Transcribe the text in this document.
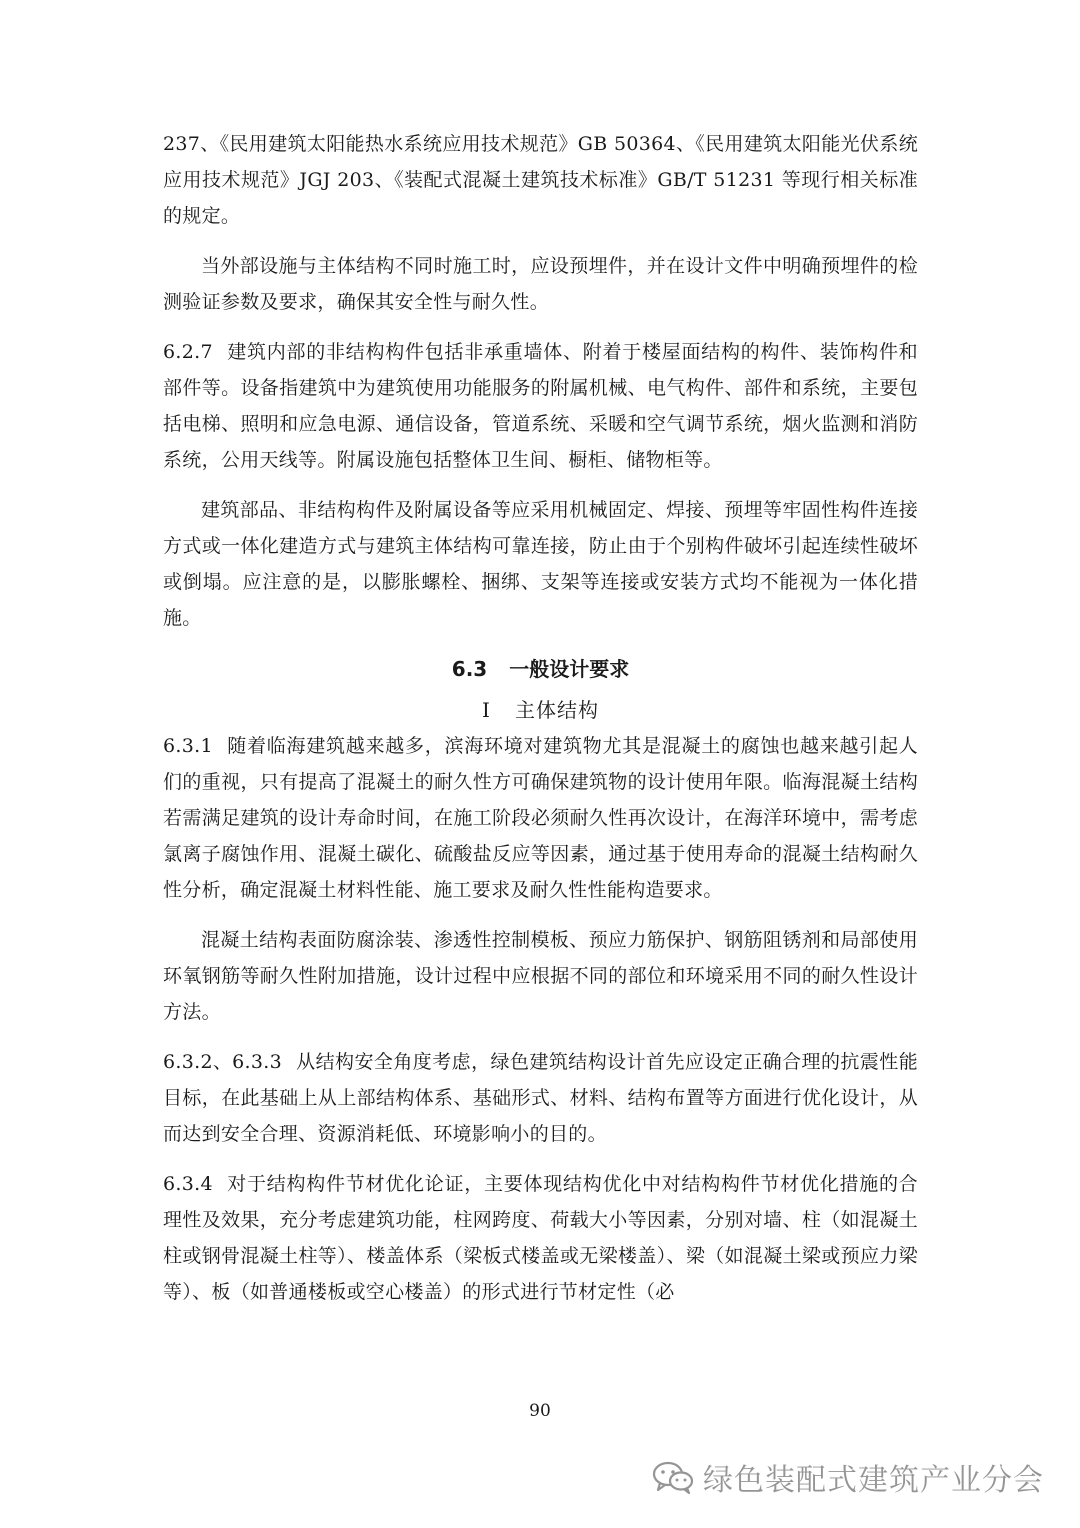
237、《民用建筑太阳能热水系统应用技术规范》GB 50364、《民用建筑太阳能光伏系统应用技术规范》JGJ 203、《装配式混凝土建筑技术标准》GB/T 51231 等现行相关标准的规定。

当外部设施与主体结构不同时施工时，应设预埋件，并在设计文件中明确预埋件的检测验证参数及要求，确保其安全性与耐久性。

6.2.7 建筑内部的非结构构件包括非承重墙体、附着于楼屋面结构的构件、装饰构件和部件等。设备指建筑中为建筑使用功能服务的附属机械、电气构件、部件和系统，主要包括电梯、照明和应急电源、通信设备，管道系统、采暖和空气调节系统，烟火监测和消防系统，公用天线等。附属设施包括整体卫生间、橱柜、储物柜等。

建筑部品、非结构构件及附属设备等应采用机械固定、焊接、预埋等牢固性构件连接方式或一体化建造方式与建筑主体结构可靠连接，防止由于个别构件破坏引起连续性破坏或倒塌。应注意的是，以膨胀螺栓、捆绑、支架等连接或安装方式均不能视为一体化措施。

6.3 一般设计要求
Ⅰ 主体结构

6.3.1 随着临海建筑越来越多，滨海环境对建筑物尤其是混凝土的腐蚀也越来越引起人们的重视，只有提高了混凝土的耐久性方可确保建筑物的设计使用年限。临海混凝土结构若需满足建筑的设计寿命时间，在施工阶段必须耐久性再次设计，在海洋环境中，需考虑氯离子腐蚀作用、混凝土碳化、硫酸盐反应等因素，通过基于使用寿命的混凝土结构耐久性分析，确定混凝土材料性能、施工要求及耐久性性能构造要求。

混凝土结构表面防腐涂装、渗透性控制模板、预应力筋保护、钢筋阻锈剂和局部使用环氧钢筋等耐久性附加措施，设计过程中应根据不同的部位和环境采用不同的耐久性设计方法。

6.3.2、6.3.3 从结构安全角度考虑，绿色建筑结构设计首先应设定正确合理的抗震性能目标，在此基础上从上部结构体系、基础形式、材料、结构布置等方面进行优化设计，从而达到安全合理、资源消耗低、环境影响小的目的。

6.3.4 对于结构构件节材优化论证，主要体现结构优化中对结构构件节材优化措施的合理性及效果，充分考虑建筑功能，柱网跨度、荷载大小等因素，分别对墙、柱（如混凝土柱或钢骨混凝土柱等）、楼盖体系（梁板式楼盖或无梁楼盖）、梁（如混凝土梁或预应力梁等）、板（如普通楼板或空心楼盖）的形式进行节材定性（必

90
绿色装配式建筑产业分会
